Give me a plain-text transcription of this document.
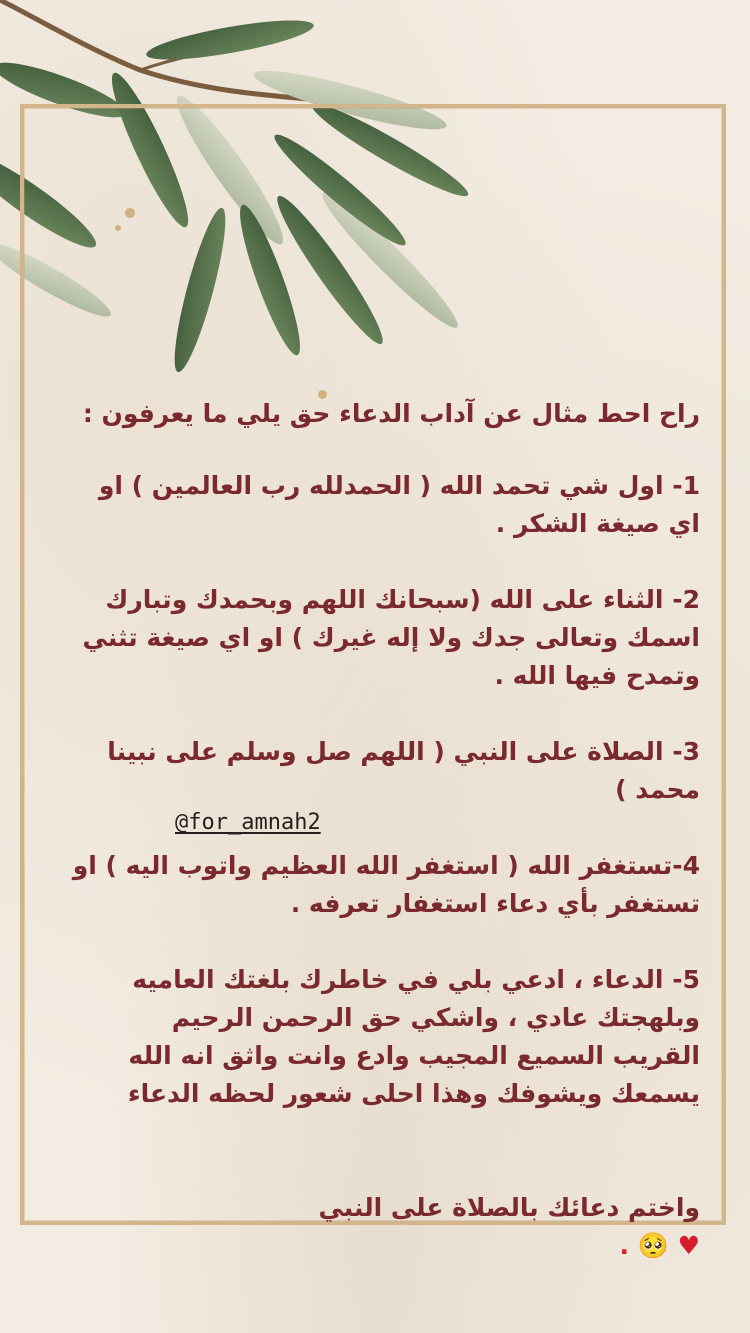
راح احط مثال عن آداب الدعاء حق يلي ما يعرفون :

1- اول شي تحمد الله ( الحمدلله رب العالمين ) او
اي صيغة الشكر .

2- الثناء على الله (سبحانك اللهم وبحمدك وتبارك
اسمك وتعالى جدك ولا إله غيرك ) او اي صيغة تثني
وتمدح فيها الله .

3- الصلاة على النبي ( اللهم صل وسلم على نبينا
محمد )

4-تستغفر الله ( استغفر الله العظيم واتوب اليه ) او
تستغفر بأي دعاء استغفار تعرفه .

5- الدعاء ، ادعي بلي في خاطرك بلغتك العاميه
وبلهجتك عادي ، واشكي حق الرحمن الرحيم
القريب السميع المجيب وادع وانت واثق انه الله
يسمعك ويشوفك وهذا احلى شعور لحظه الدعاء

واختم دعائك بالصلاة على النبي
♥ 🥺 .

@for_amnah2
